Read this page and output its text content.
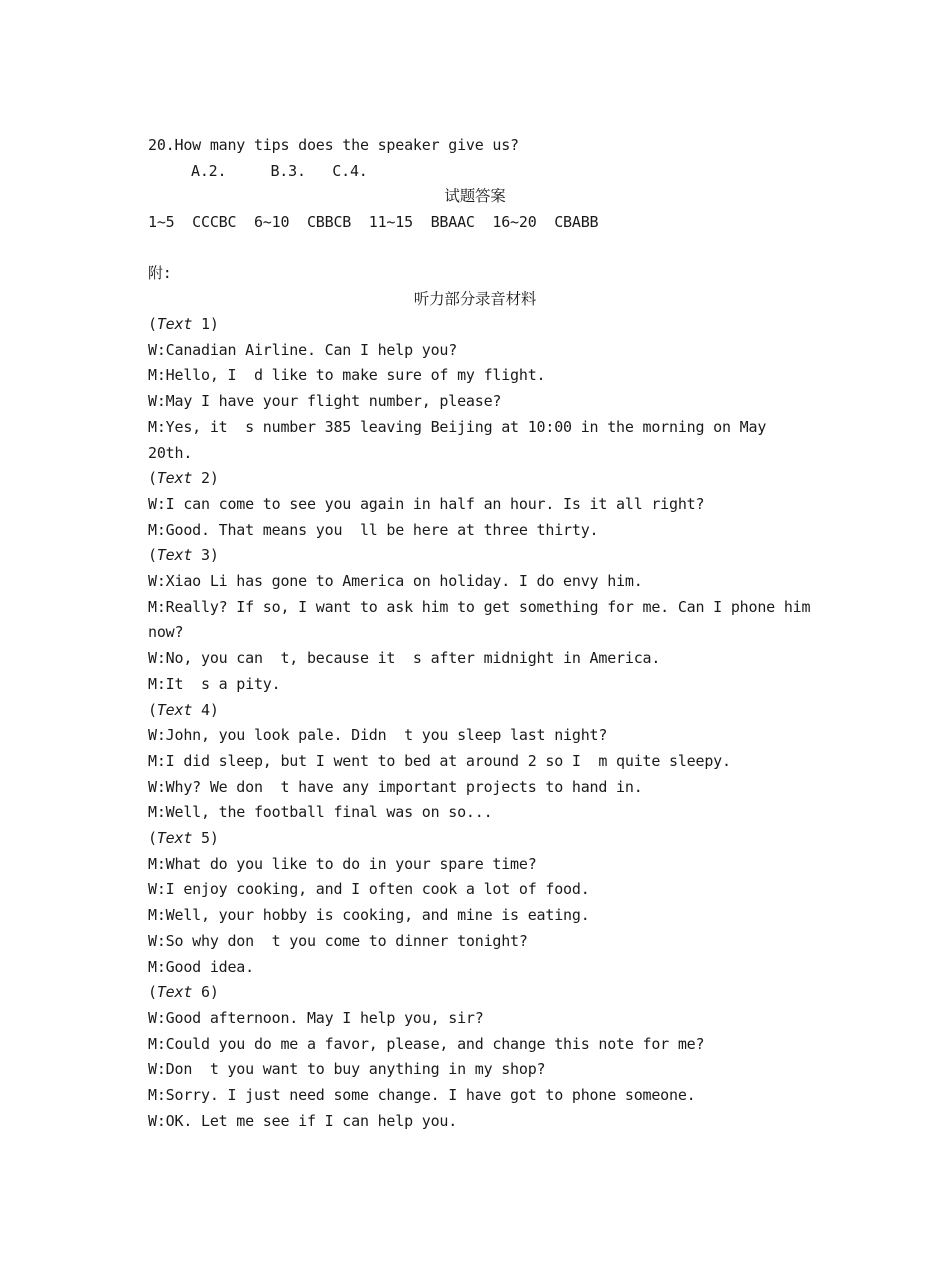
20.How many tips does the speaker give us?
A.2.     B.3.   C.4.
试题答案
1~5  CCCBC  6~10  CBBCB  11~15  BBAAC  16~20  CBABB
附:
听力部分录音材料
(Text 1)
W:Canadian Airline. Can I help you?
M:Hello, I  d like to make sure of my flight.
W:May I have your flight number, please?
M:Yes, it  s number 385 leaving Beijing at 10:00 in the morning on May
20th.
(Text 2)
W:I can come to see you again in half an hour. Is it all right?
M:Good. That means you  ll be here at three thirty.
(Text 3)
W:Xiao Li has gone to America on holiday. I do envy him.
M:Really? If so, I want to ask him to get something for me. Can I phone him
now?
W:No, you can  t, because it  s after midnight in America.
M:It  s a pity.
(Text 4)
W:John, you look pale. Didn  t you sleep last night?
M:I did sleep, but I went to bed at around 2 so I  m quite sleepy.
W:Why? We don  t have any important projects to hand in.
M:Well, the football final was on so...
(Text 5)
M:What do you like to do in your spare time?
W:I enjoy cooking, and I often cook a lot of food.
M:Well, your hobby is cooking, and mine is eating.
W:So why don  t you come to dinner tonight?
M:Good idea.
(Text 6)
W:Good afternoon. May I help you, sir?
M:Could you do me a favor, please, and change this note for me?
W:Don  t you want to buy anything in my shop?
M:Sorry. I just need some change. I have got to phone someone.
W:OK. Let me see if I can help you.
